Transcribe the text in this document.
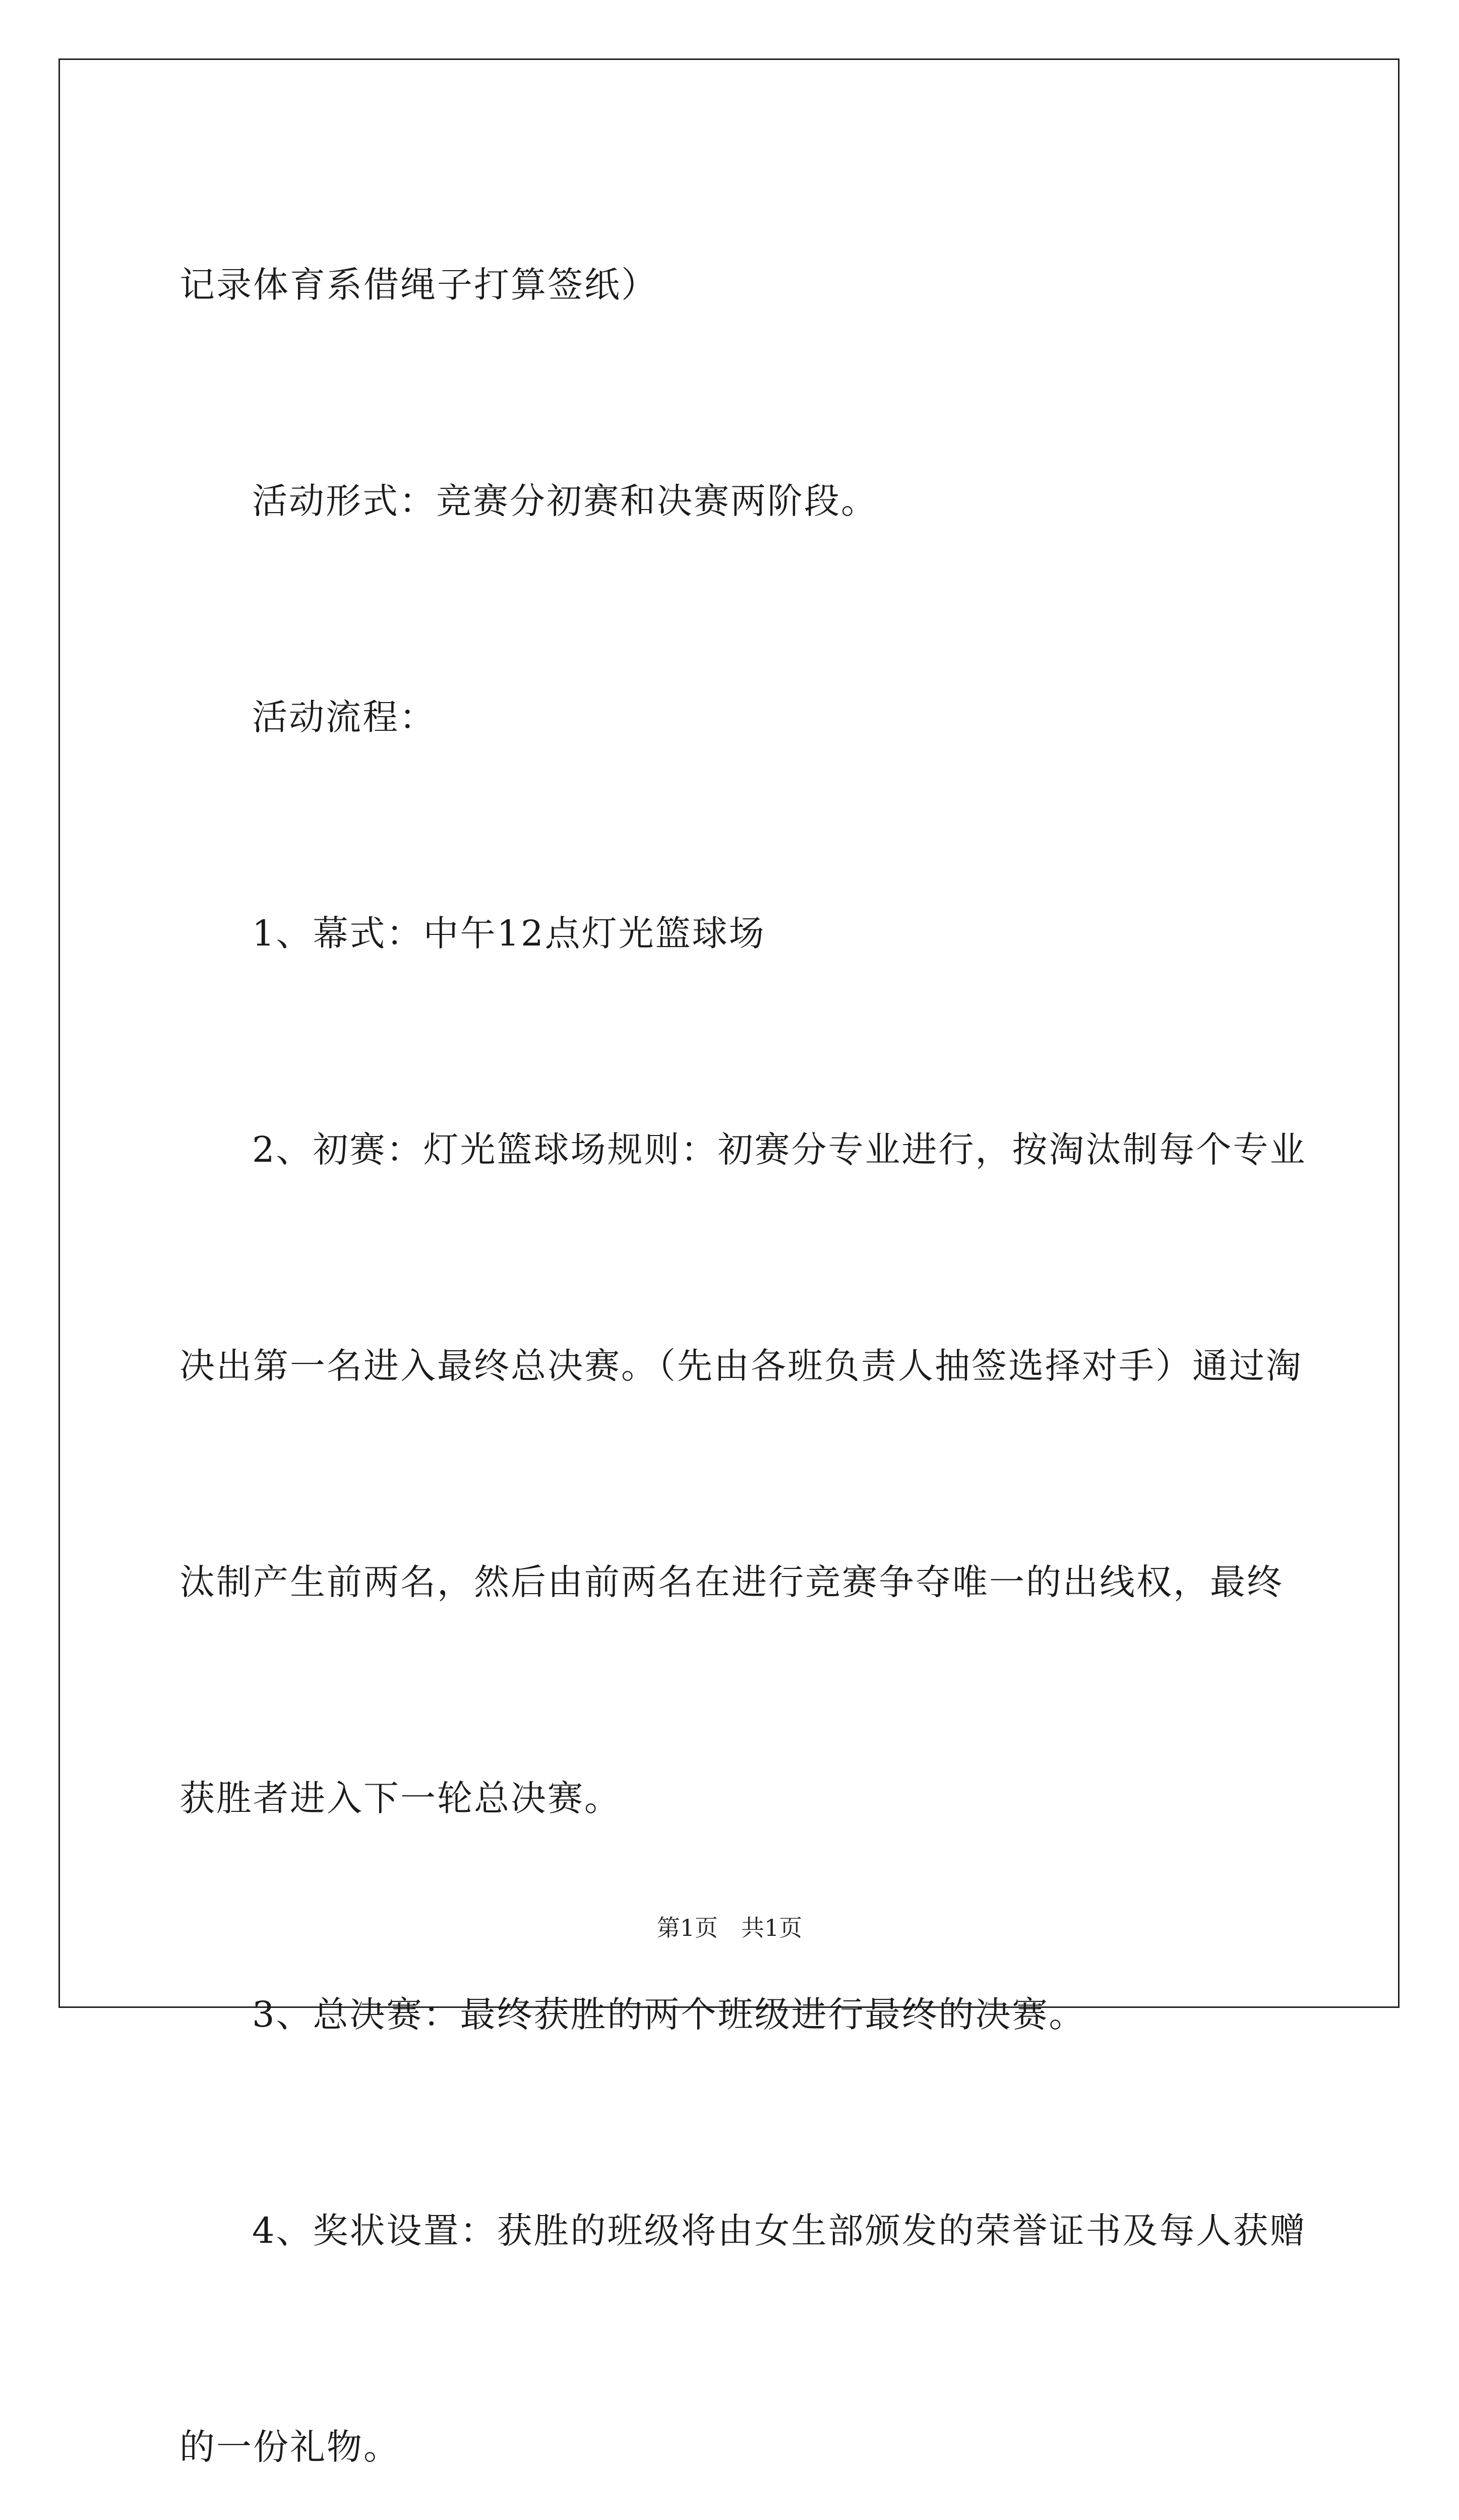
记录体育系借绳子打算签纸）

活动形式：竞赛分初赛和决赛两阶段。

活动流程：

1、幕式：中午12点灯光篮球场

2、初赛：灯光篮球场规则：初赛分专业进行，按淘汰制每个专业

决出第一名进入最终总决赛。（先由各班负责人抽签选择对手）通过淘

汰制产生前两名，然后由前两名在进行竞赛争夺唯一的出线权，最终

获胜者进入下一轮总决赛。

3、总决赛：最终获胜的两个班级进行最终的决赛。

4、奖状设置：获胜的班级将由女生部颁发的荣誉证书及每人获赠

的一份礼物。

第1页　共1页
